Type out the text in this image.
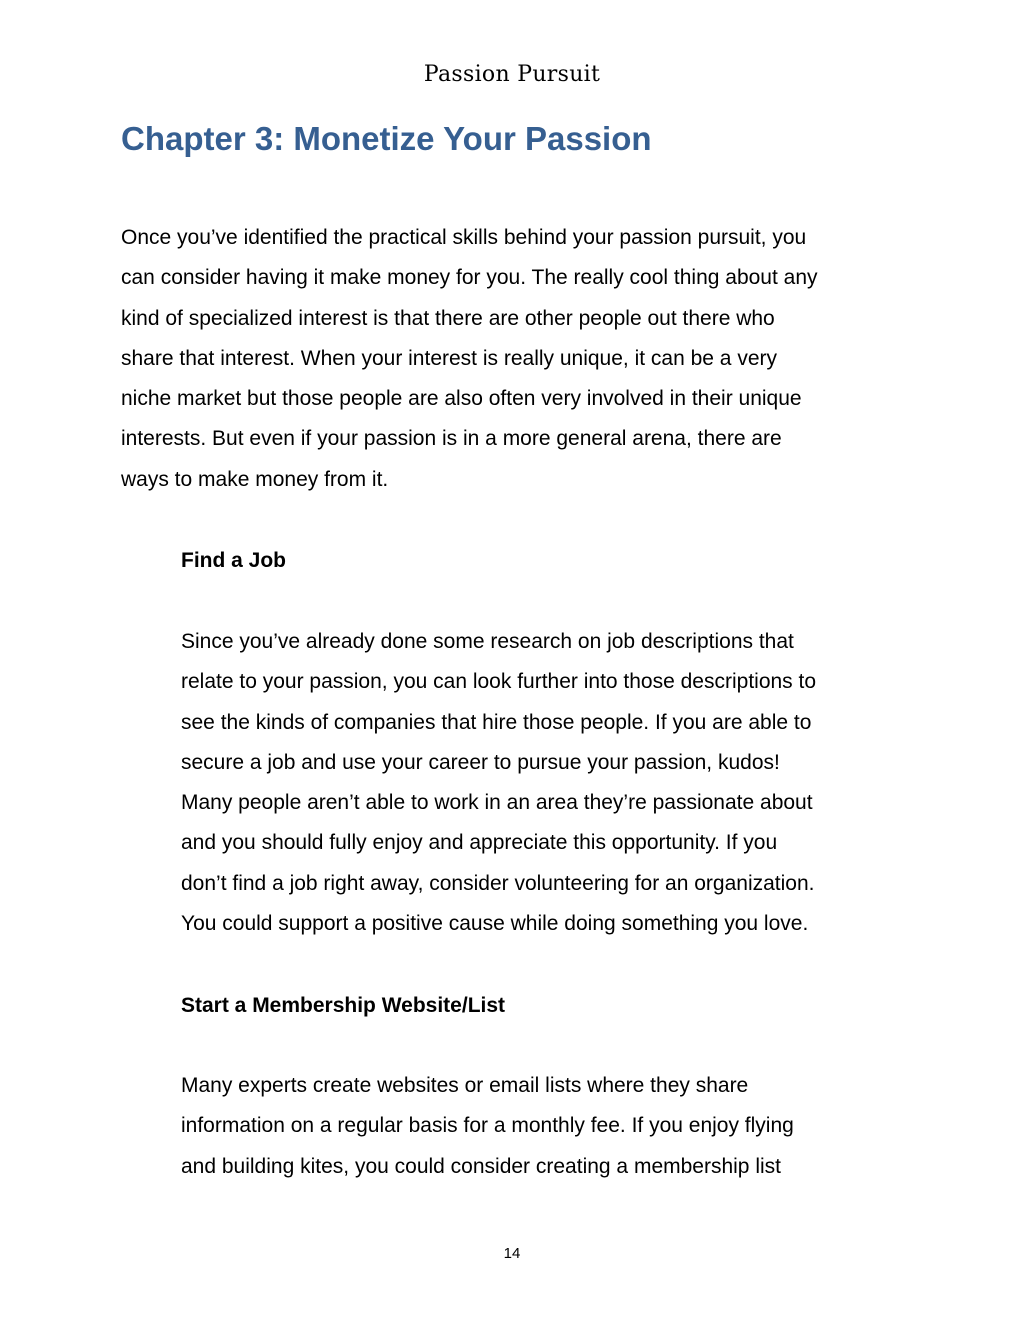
Passion Pursuit
Chapter 3: Monetize Your Passion

Once you’ve identified the practical skills behind your passion pursuit, you
can consider having it make money for you. The really cool thing about any
kind of specialized interest is that there are other people out there who
share that interest. When your interest is really unique, it can be a very
niche market but those people are also often very involved in their unique
interests. But even if your passion is in a more general arena, there are
ways to make money from it.

Find a Job

Since you’ve already done some research on job descriptions that
relate to your passion, you can look further into those descriptions to
see the kinds of companies that hire those people. If you are able to
secure a job and use your career to pursue your passion, kudos!
Many people aren’t able to work in an area they’re passionate about
and you should fully enjoy and appreciate this opportunity. If you
don’t find a job right away, consider volunteering for an organization.
You could support a positive cause while doing something you love.

Start a Membership Website/List

Many experts create websites or email lists where they share
information on a regular basis for a monthly fee. If you enjoy flying
and building kites, you could consider creating a membership list

14
